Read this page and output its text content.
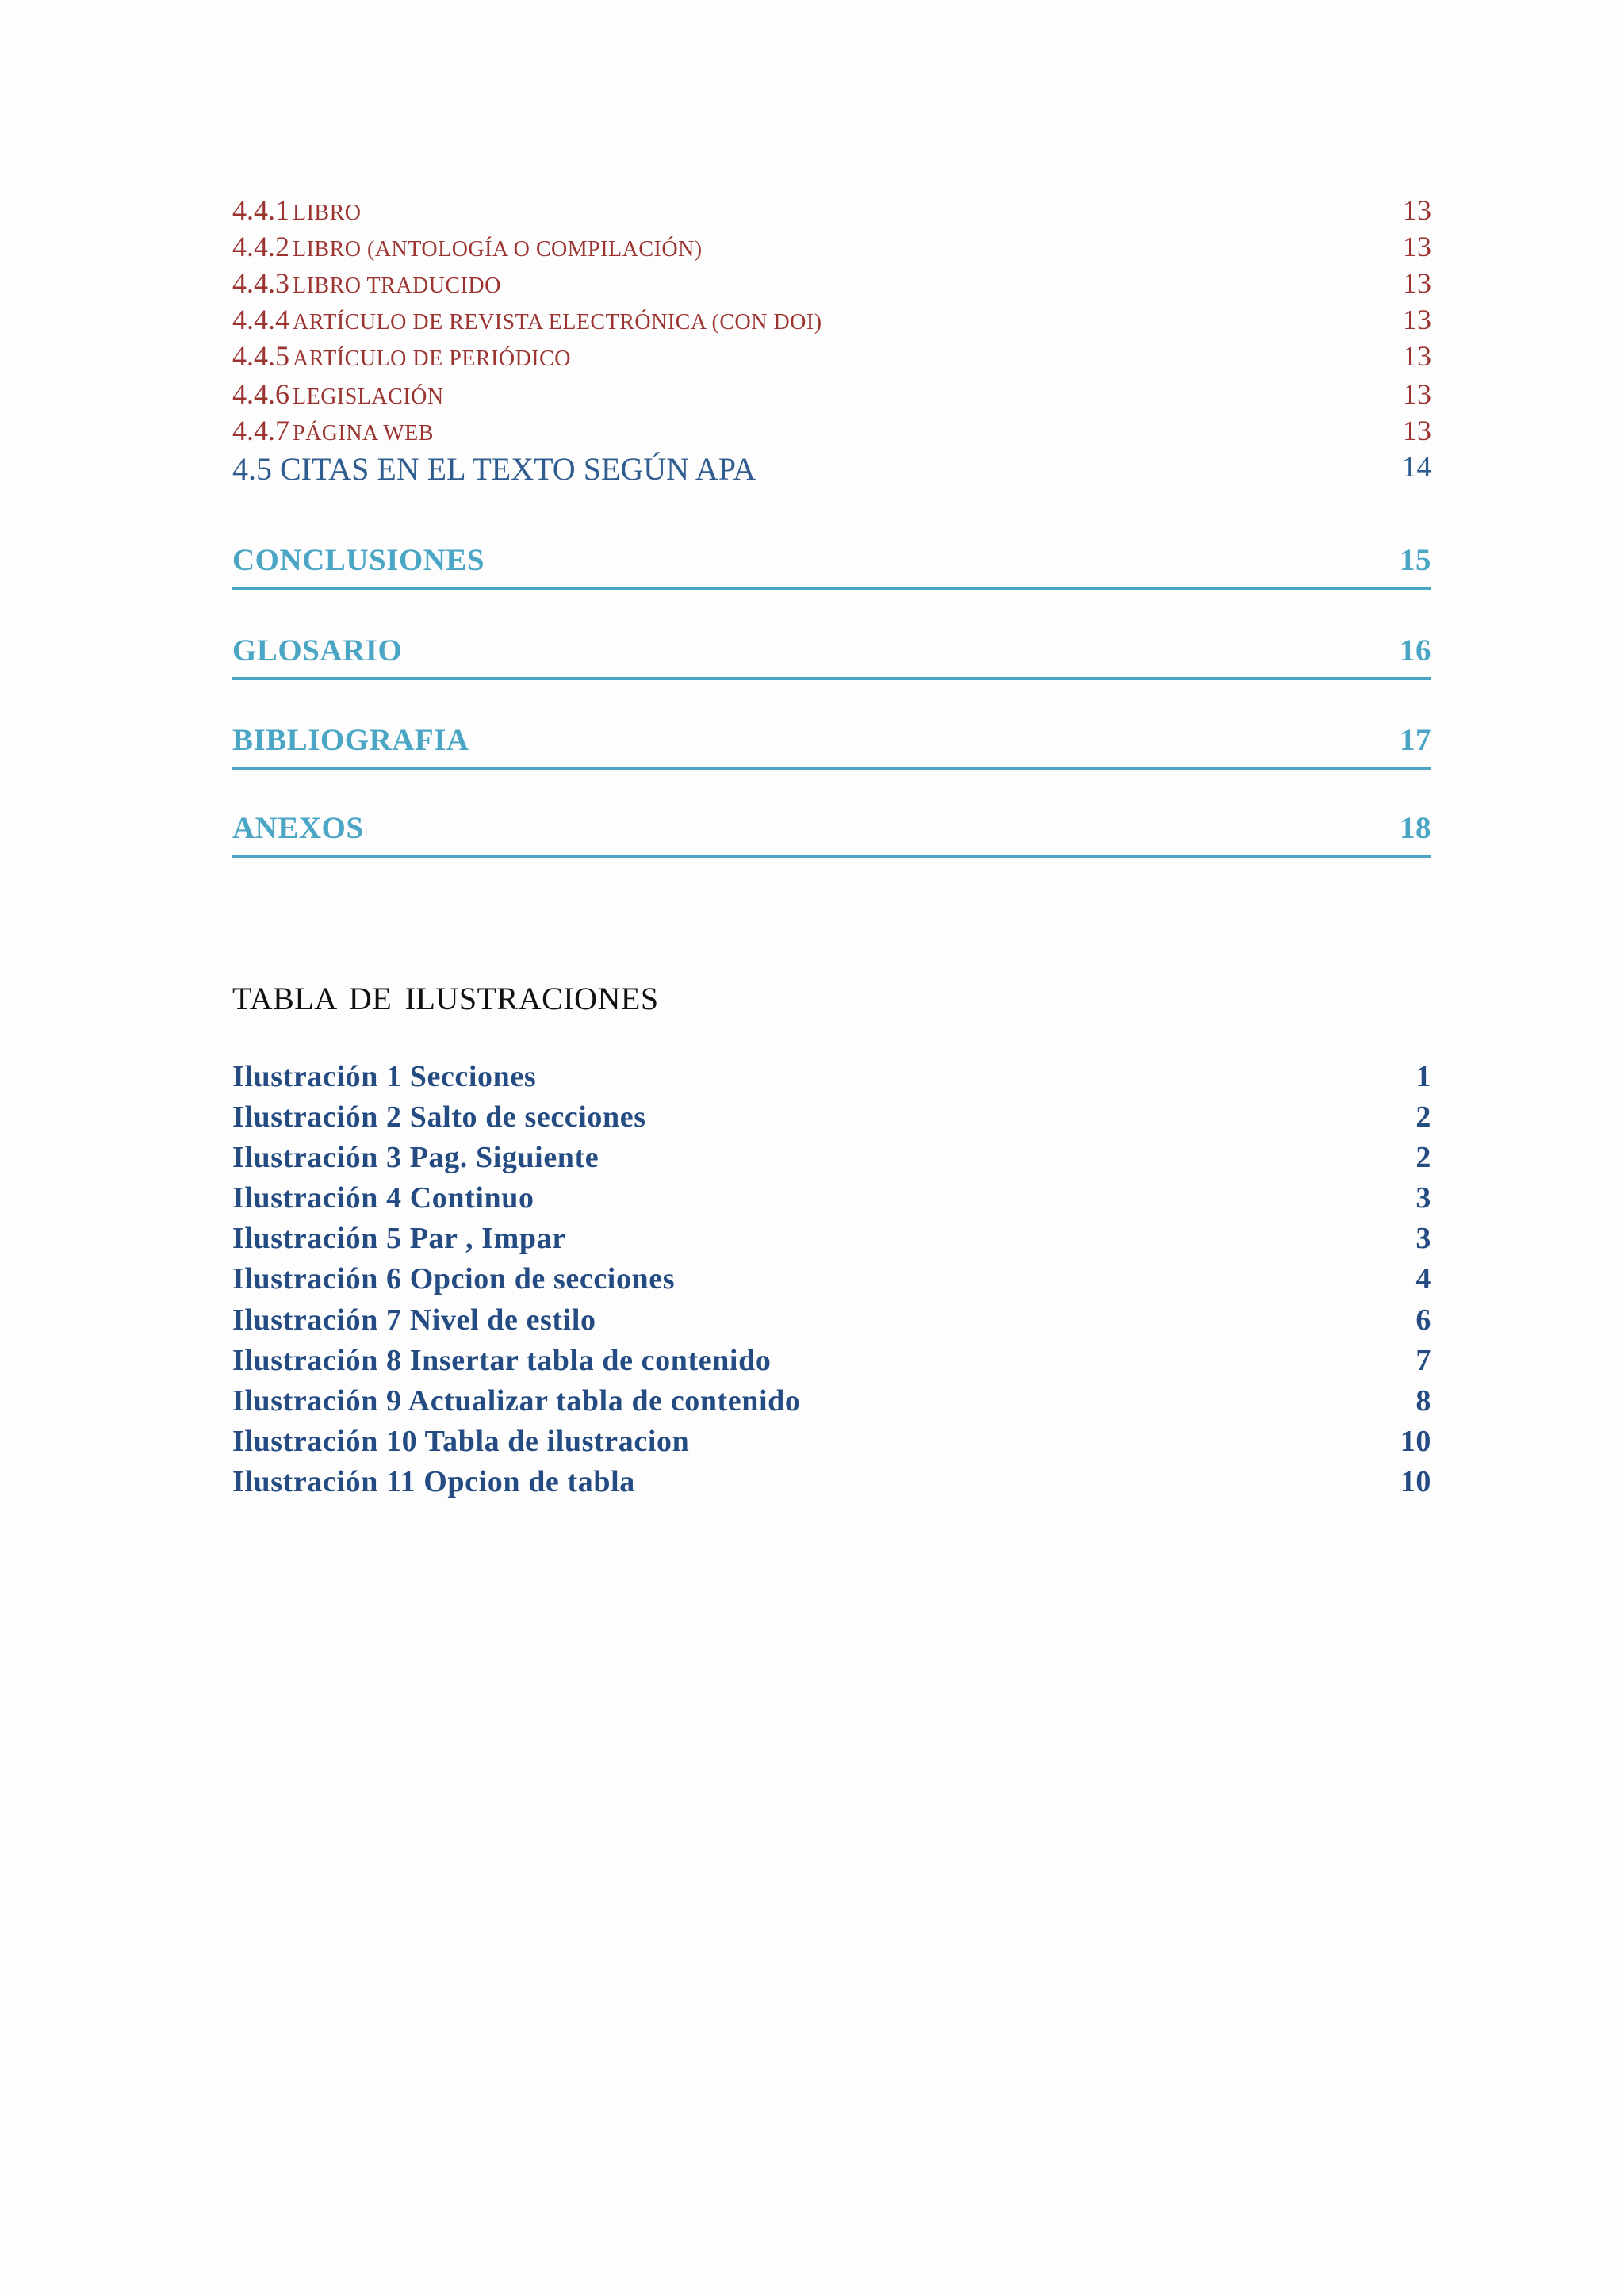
4.4.1 LIBRO	13
4.4.2 LIBRO (ANTOLOGÍA O COMPILACIÓN)	13
4.4.3 LIBRO TRADUCIDO	13
4.4.4 ARTÍCULO DE REVISTA ELECTRÓNICA (CON DOI)	13
4.4.5 ARTÍCULO DE PERIÓDICO	13
4.4.6 LEGISLACIÓN	13
4.4.7 PÁGINA WEB	13
4.5 CITAS EN EL TEXTO SEGÚN APA	14
CONCLUSIONES	15
GLOSARIO	16
BIBLIOGRAFIA	17
ANEXOS	18
TABLA DE ILUSTRACIONES
Ilustración 1 Secciones	1
Ilustración 2 Salto de secciones	2
Ilustración 3 Pag. Siguiente	2
Ilustración 4 Continuo	3
Ilustración 5 Par , Impar	3
Ilustración 6 Opcion de secciones	4
Ilustración 7 Nivel de estilo	6
Ilustración 8 Insertar tabla de contenido	7
Ilustración 9 Actualizar tabla de contenido	8
Ilustración 10 Tabla de ilustracion	10
Ilustración 11 Opcion de tabla	10
